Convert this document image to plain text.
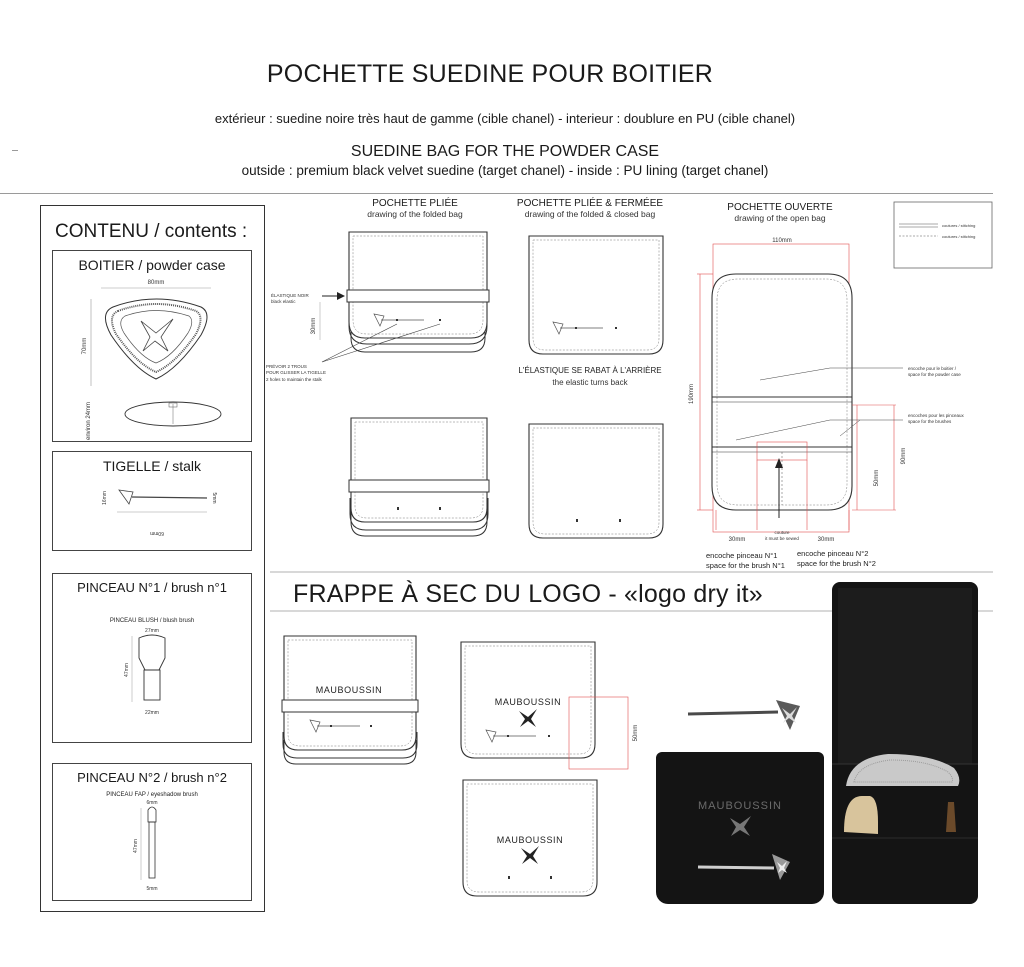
POCHETTE SUEDINE POUR BOITIER
extérieur : suedine noire très haut de gamme (cible chanel) - interieur : doublure en PU (cible chanel)
SUEDINE BAG FOR THE POWDER CASE
outside : premium black velvet suedine (target chanel) - inside : PU lining (target chanel)
CONTENU / contents :
BOITIER / powder case
80mm
70mm
environ 24mm
TIGELLE / stalk
16mm	5mm
60mm
PINCEAU N°1 / brush n°1
PINCEAU BLUSH / blush brush
27mm
47mm
22mm
PINCEAU N°2 / brush n°2
PINCEAU FAP / eyeshadow brush
6mm
47mm
5mm
POCHETTE PLIÉE
drawing of the folded bag
POCHETTE PLIÉE & FERMÉEE
drawing of the folded & closed bag
POCHETTE OUVERTE
drawing of the open bag
ÉLASTIQUE NOIR
black elastic
30mm
PRÉVOIR 2 TROUS
POUR GLISSER LA TIGELLE
2 holes to maintain the stalk
L'ÉLASTIQUE SE RABAT À L'ARRIÈRE
the elastic turns back
110mm
190mm
90mm
50mm
30mm	30mm
couture
it must be sewed
encoche pour le boitier /
space for the powder case
encoches pour les pinceaux
space for the brushes
encoche pinceau N°1
space for the brush N°1
encoche pinceau N°2
space for the brush N°2
coutures / stitching
coutures / stitching
MAUBOUSSIN
MAUBOUSSIN
50mm
MAUBOUSSIN
FRAPPE À SEC DU LOGO - «logo dry it»
MAUBOUSSIN
